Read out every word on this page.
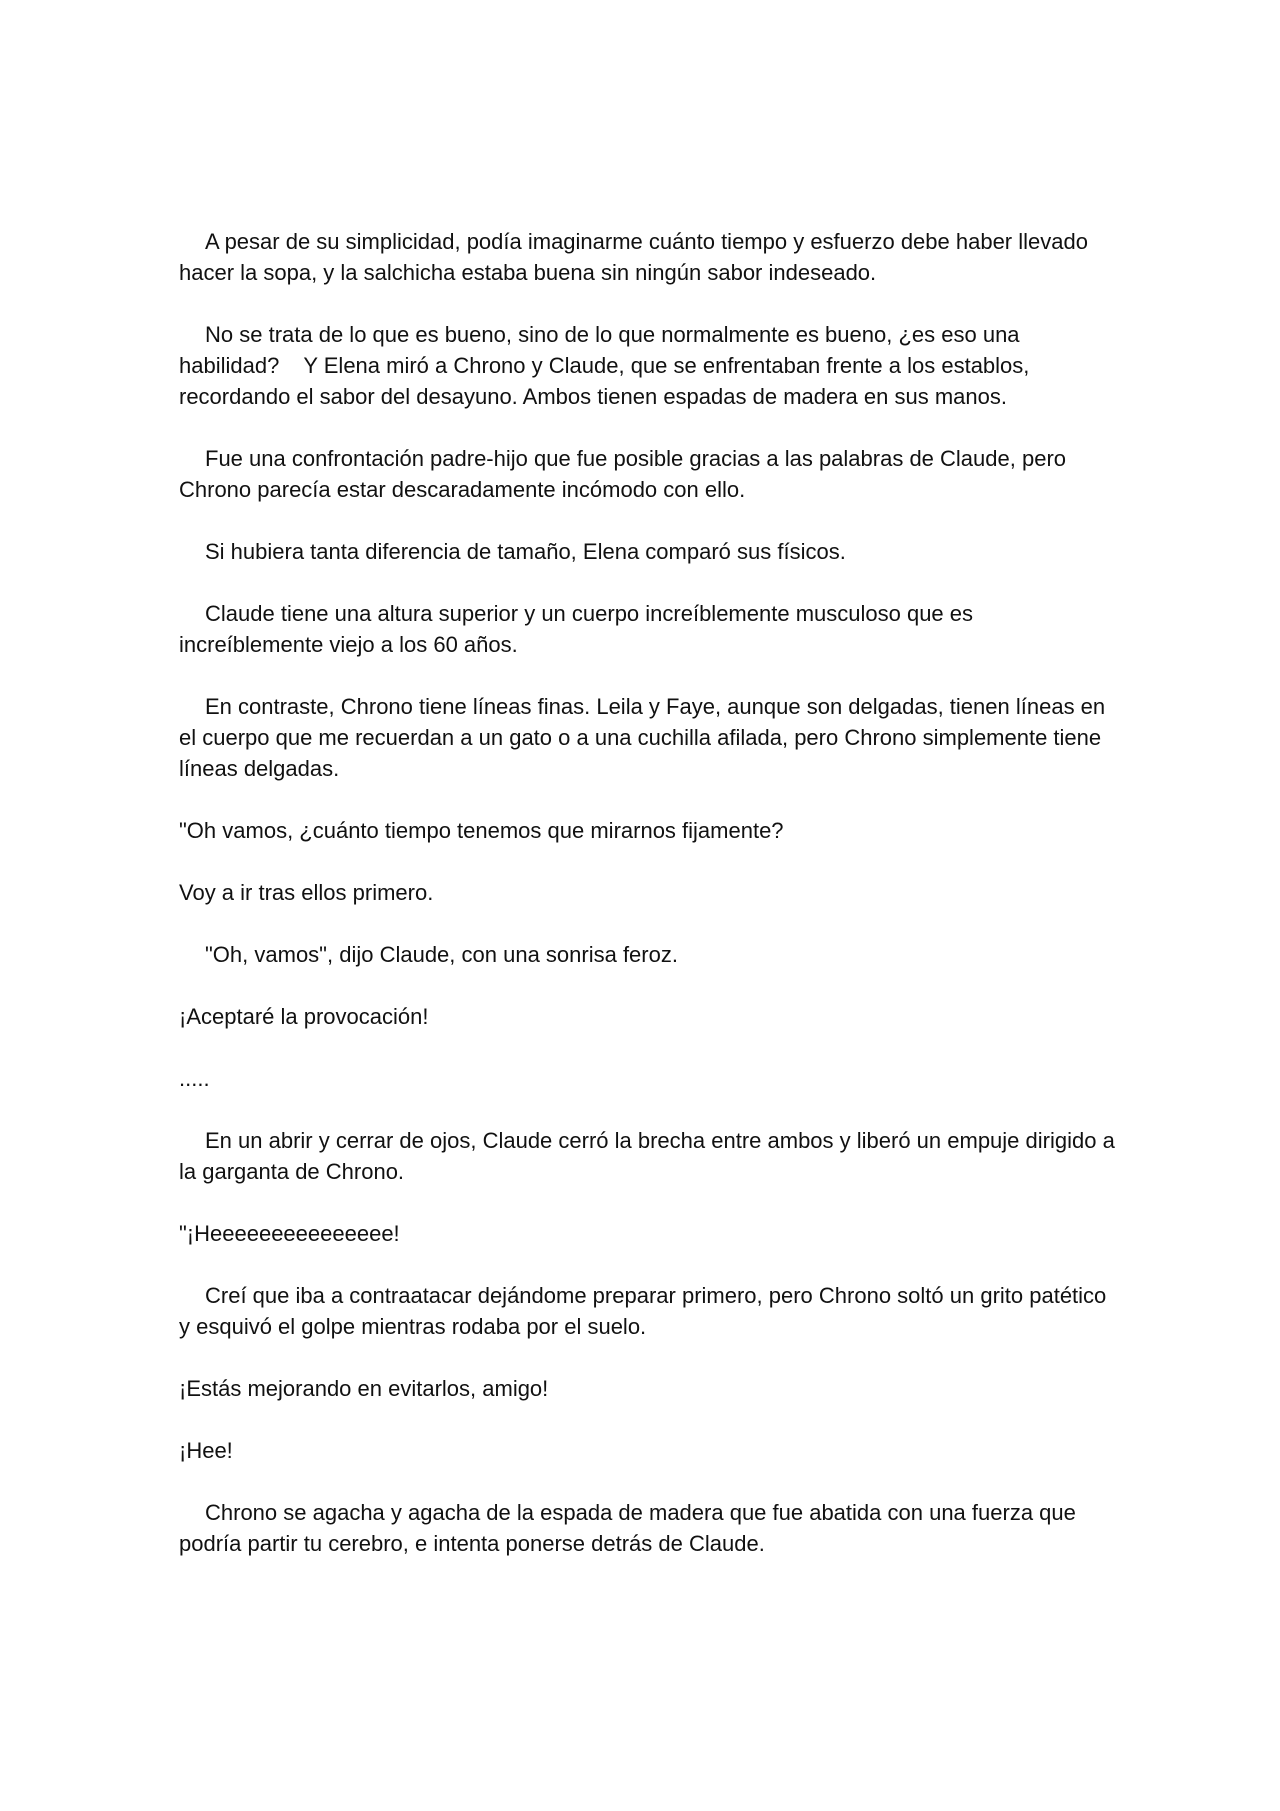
A pesar de su simplicidad, podía imaginarme cuánto tiempo y esfuerzo debe haber llevado hacer la sopa, y la salchicha estaba buena sin ningún sabor indeseado.

No se trata de lo que es bueno, sino de lo que normalmente es bueno, ¿es eso una habilidad?    Y Elena miró a Chrono y Claude, que se enfrentaban frente a los establos, recordando el sabor del desayuno. Ambos tienen espadas de madera en sus manos.

Fue una confrontación padre-hijo que fue posible gracias a las palabras de Claude, pero Chrono parecía estar descaradamente incómodo con ello.

Si hubiera tanta diferencia de tamaño, Elena comparó sus físicos.

Claude tiene una altura superior y un cuerpo increíblemente musculoso que es increíblemente viejo a los 60 años.

En contraste, Chrono tiene líneas finas. Leila y Faye, aunque son delgadas, tienen líneas en el cuerpo que me recuerdan a un gato o a una cuchilla afilada, pero Chrono simplemente tiene líneas delgadas.

"Oh vamos, ¿cuánto tiempo tenemos que mirarnos fijamente?

Voy a ir tras ellos primero.

"Oh, vamos", dijo Claude, con una sonrisa feroz.

¡Aceptaré la provocación!

.....

En un abrir y cerrar de ojos, Claude cerró la brecha entre ambos y liberó un empuje dirigido a la garganta de Chrono.

"¡Heeeeeeeeeeeeeee!

Creí que iba a contraatacar dejándome preparar primero, pero Chrono soltó un grito patético y esquivó el golpe mientras rodaba por el suelo.

¡Estás mejorando en evitarlos, amigo!

¡Hee!

Chrono se agacha y agacha de la espada de madera que fue abatida con una fuerza que podría partir tu cerebro, e intenta ponerse detrás de Claude.
